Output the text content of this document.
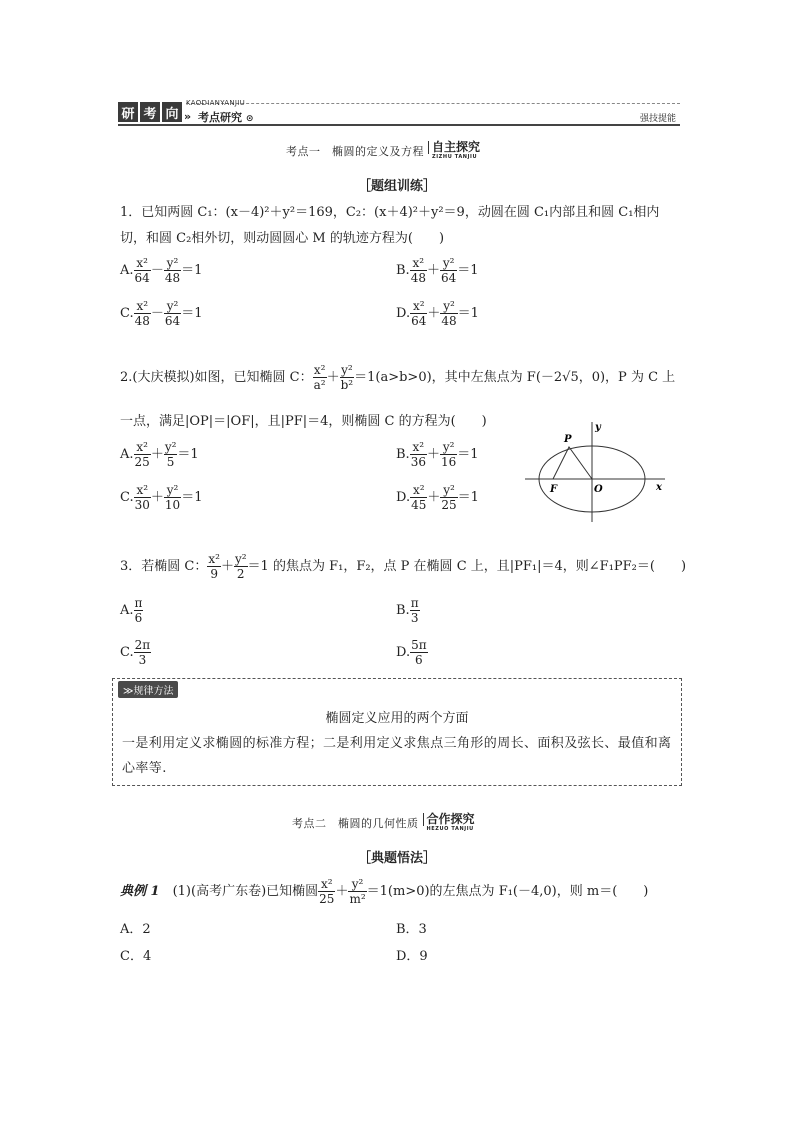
研 考 向
KAODIANYANJIU
» 考点研究 ⊙	强技提能
考点一　椭圆的定义及方程 自主探究
ZIZHU TANJIU
［题组训练］
1．已知两圆 C₁：(x－4)²＋y²＝169，C₂：(x＋4)²＋y²＝9，动圆在圆 C₁内部且和圆 C₁相内
切，和圆 C₂相外切，则动圆圆心 M 的轨迹方程为(　　)
A. $\frac{\text{x²}}{64} - \frac{\text{y²}}{48} =1$	B. $\frac{\text{x²}}{48} + \frac{\text{y²}}{64} =1$
C. $\frac{\text{x²}}{48} - \frac{\text{y²}}{64} =1$	D. $\frac{\text{x²}}{64} + \frac{\text{y²}}{48} =1$
2.(大庆模拟)如图，已知椭圆 C： $\frac{\text{x²}}{\text{a²}} + \frac{\text{y²}}{\text{b²}} =1(a>b>0)$，其中左焦点为 F(－2√5，0)，P 为 C 上
一点，满足|OP|＝|OF|，且|PF|＝4，则椭圆 C 的方程为(　　)
A. $\frac{\text{x²}}{25} + \frac{\text{y²}}{5} =1$	B. $\frac{\text{x²}}{36} + \frac{\text{y²}}{16} =1$
C. $\frac{\text{x²}}{30} + \frac{\text{y²}}{10} =1$	D. $\frac{\text{x²}}{45} + \frac{\text{y²}}{25} =1$
P
y
F	O	x
3．若椭圆 C： $\frac{\text{x²}}{9} + \frac{\text{y²}}{2} =1$ 的焦点为 F₁，F₂，点 P 在椭圆 C 上，且|PF₁|＝4，则∠F₁PF₂＝(　　)
A. $\frac{\pi}{6}$	B. $\frac{\pi}{3}$
C. $\frac{2\pi}{3}$	D. $\frac{5\pi}{6}$
≫规律方法
椭圆定义应用的两个方面
一是利用定义求椭圆的标准方程；二是利用定义求焦点三角形的周长、面积及弦长、最值和离心率等.
考点二　椭圆的几何性质 合作探究
HEZUO TANJIU
［典题悟法］
典例 1　 (1)(高考广东卷)已知椭圆 $\frac{\text{x²}}{25} + \frac{\text{y²}}{\text{m²}} =1(m>0)$的左焦点为 F₁(－4,0)，则 m＝(　　)
A．2	B．3
C．4	D．9
